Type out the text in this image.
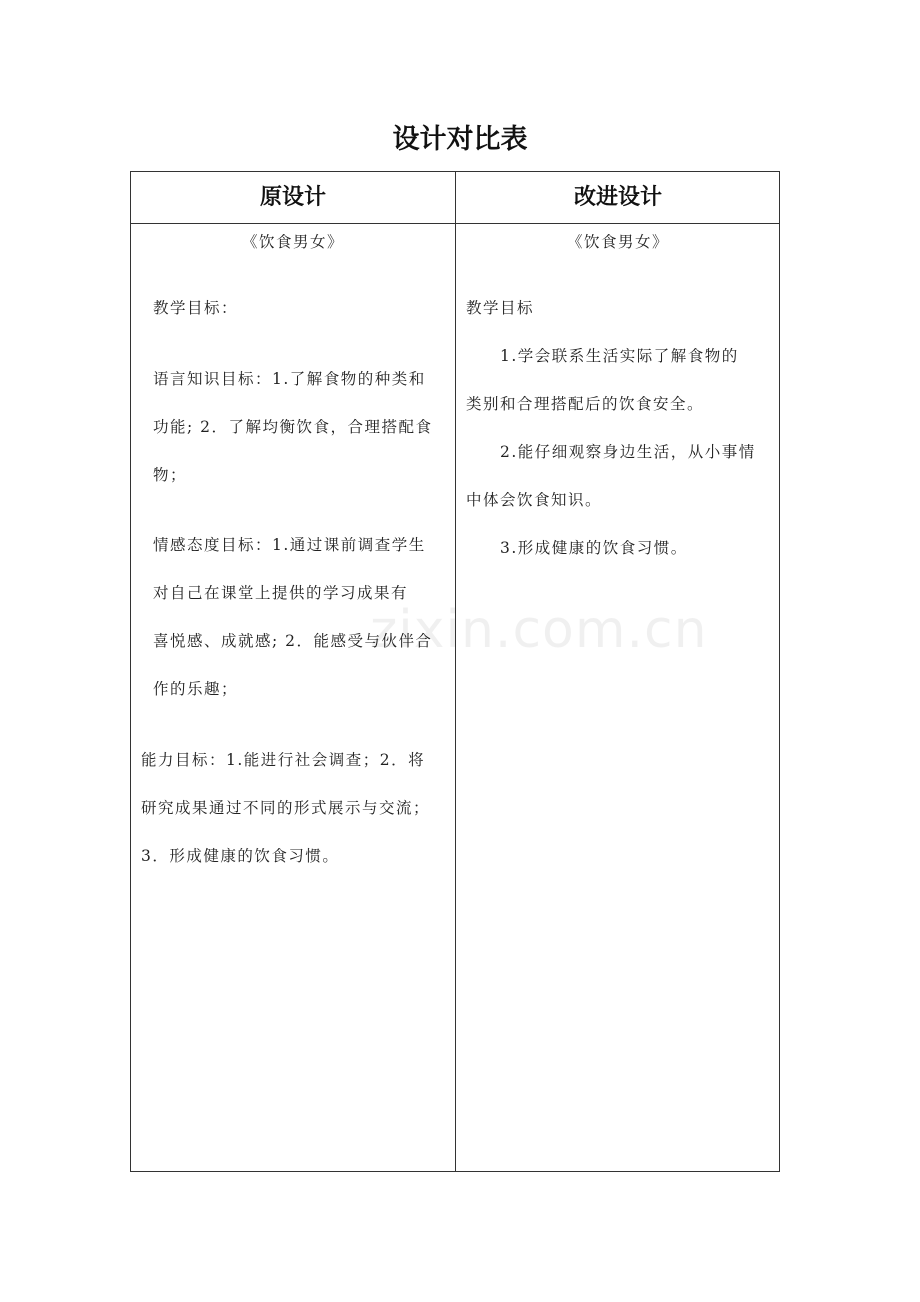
设计对比表
原设计	改进设计
《饮食男女》
教学目标：
语言知识目标：1.了解食物的种类和
功能; 2．了解均衡饮食，合理搭配食
物；
情感态度目标：1.通过课前调查学生
对自己在课堂上提供的学习成果有
喜悦感、成就感; 2．能感受与伙伴合
作的乐趣；
能力目标：1.能进行社会调查；2．将
研究成果通过不同的形式展示与交流；
3．形成健康的饮食习惯。
《饮食男女》
教学目标
1.学会联系生活实际了解食物的
类别和合理搭配后的饮食安全。
2.能仔细观察身边生活，从小事情
中体会饮食知识。
3.形成健康的饮食习惯。
zixin.com.cn
